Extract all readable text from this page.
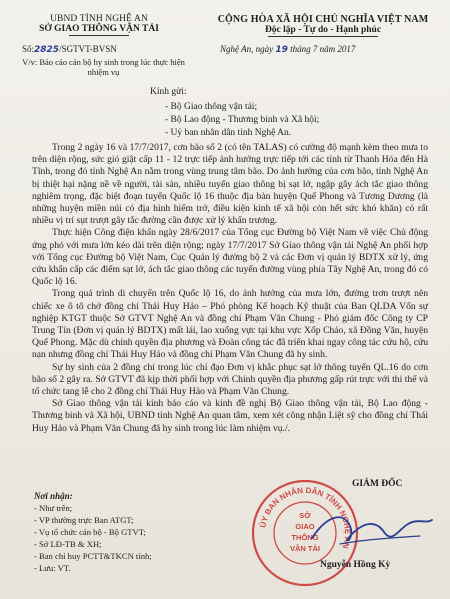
UBND TỈNH NGHỆ AN
SỞ GIAO THÔNG VẬN TẢI
CỘNG HÒA XÃ HỘI CHỦ NGHĨA VIỆT NAM
Độc lập - Tự do - Hạnh phúc
Số:2825/SGTVT-BVSN
V/v: Báo cáo cán bộ hy sinh trong lúc thực hiện nhiệm vụ
Nghệ An, ngày 19 tháng 7 năm 2017
Kính gửi:
- Bộ Giao thông vận tải;
- Bộ Lao động - Thương binh và Xã hội;
- Uỷ ban nhân dân tỉnh Nghệ An.

Trong 2 ngày 16 và 17/7/2017, cơn bão số 2 (có tên TALAS) có cường độ mạnh kèm theo mưa to trên diện rộng, sức gió giật cấp 11 - 12 trực tiếp ảnh hưởng trực tiếp tới các tỉnh từ Thanh Hóa đến Hà Tĩnh, trong đó tỉnh Nghệ An nằm trong vùng trung tâm bão. Do ảnh hưởng của cơn bão, tỉnh Nghệ An bị thiệt hại nặng nề về người, tài sản, nhiều tuyến giao thông bị sạt lở, ngập gây ách tắc giao thông nghiêm trọng, đặc biệt đoạn tuyến Quốc lộ 16 thuộc địa bàn huyện Quế Phong và Tương Dương (là những huyện miền núi có địa hình hiểm trở, điều kiện kinh tế xã hội còn hết sức khó khăn) có rất nhiều vị trí sụt trượt gây tắc đường cần được xử lý khẩn trương.

Thực hiện Công điện khẩn ngày 28/6/2017 của Tổng cục Đường bộ Việt Nam về việc Chủ động ứng phó với mưa lớn kéo dài trên diện rộng; ngày 17/7/2017 Sở Giao thông vận tải Nghệ An phối hợp với Tổng cục Đường bộ Việt Nam, Cục Quản lý đường bộ 2 và các Đơn vị quản lý BDTX xử lý, ứng cứu khẩn cấp các điểm sạt lở, ách tắc giao thông các tuyến đường vùng phía Tây Nghệ An, trong đó có Quốc lộ 16.

Trong quá trình di chuyển trên Quốc lộ 16, do ảnh hưởng của mưa lớn, đường trơn trượt nên chiếc xe ô tô chở đồng chí Thái Huy Hảo – Phó phòng Kế hoạch Kỹ thuật của Ban QLDA Vốn sự nghiệp KTGT thuộc Sở GTVT Nghệ An và đồng chí Phạm Văn Chung - Phó giám đốc Công ty CP Trung Tín (Đơn vị quản lý BDTX) mất lái, lao xuống vực tại khu vực Xốp Cháo, xã Đồng Văn, huyện Quế Phong. Mặc dù chính quyền địa phương và Đoàn công tác đã triển khai ngay công tác cứu hộ, cứu nạn nhưng đồng chí Thái Huy Hảo và đồng chí Phạm Văn Chung đã hy sinh.

Sự hy sinh của 2 đồng chí trong lúc chỉ đạo Đơn vị khắc phục sạt lở thông tuyến QL.16 do cơn bão số 2 gây ra. Sở GTVT đã kịp thời phối hợp với Chính quyền địa phương gấp rút trực với thi thể và tổ chức tang lễ cho 2 đồng chí Thái Huy Hảo và Phạm Văn Chung.

Sở Giao thông vận tải kính báo cáo và kính đề nghị Bộ Giao thông vận tải, Bộ Lao động - Thương binh và Xã hội, UBND tỉnh Nghệ An quan tâm, xem xét công nhận Liệt sỹ cho đồng chí Thái Huy Hảo và Phạm Văn Chung đã hy sinh trong lúc làm nhiệm vụ./.

Nơi nhận:
- Như trên;
- VP thường trực Ban ATGT;
- Vụ tổ chức cán bộ - Bộ GTVT;
- Sở LĐ-TB & XH;
- Ban chỉ huy PCTT&TKCN tỉnh;
- Lưu: VT.
ỦY BAN NHÂN DÂN TỈNH NGHỆ AN
SỞ
GIAO
THÔNG
VẬN TẢI
GIÁM ĐỐC
Nguyễn Hồng Kỳ
